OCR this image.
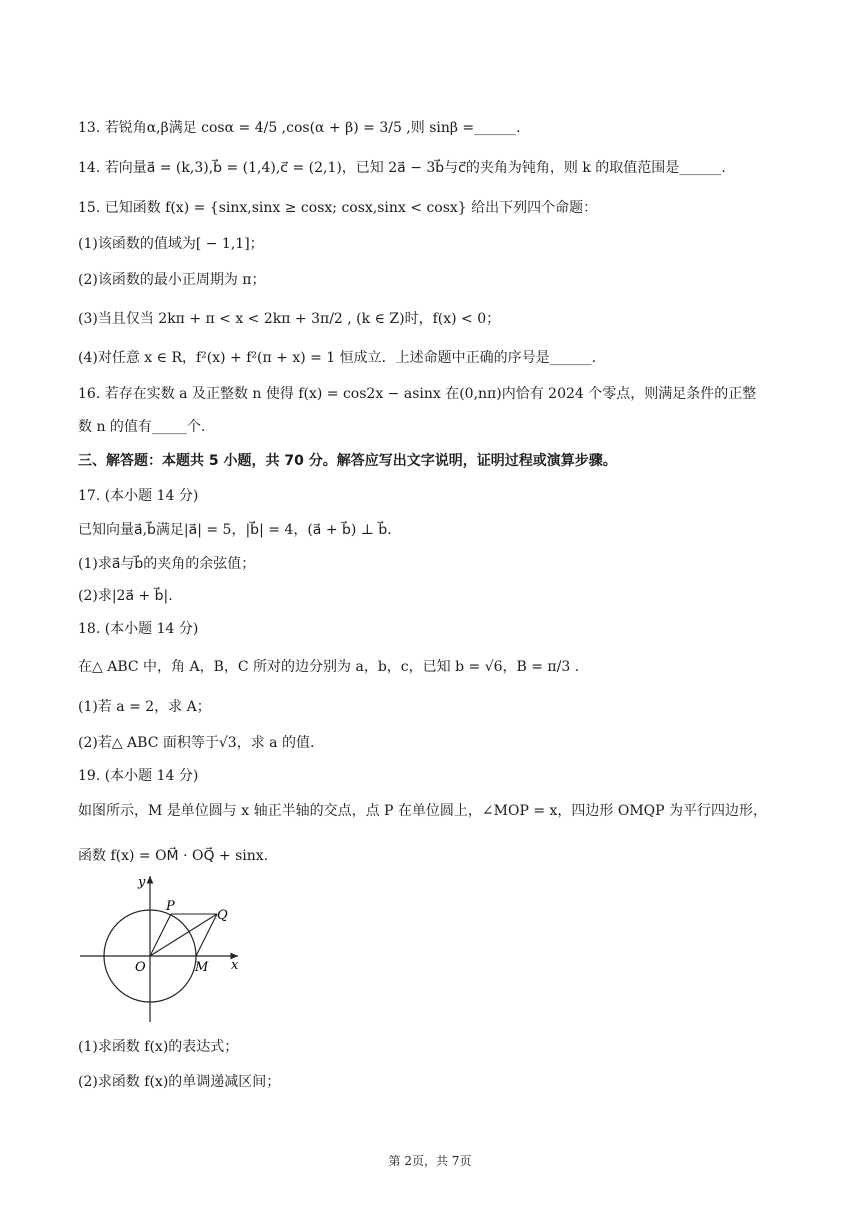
13. 若锐角α,β满足 cosα = 4/5 ,cos(α + β) = 3/5 ,则 sinβ =______.
14. 若向量a⃗ = (k,3),b⃗ = (1,4),c⃗ = (2,1)，已知 2a⃗ − 3b⃗与c⃗的夹角为钝角，则 k 的取值范围是______.
15. 已知函数 f(x) = {sinx,sinx ≥ cosx; cosx,sinx < cosx} 给出下列四个命题：
(1)该函数的值域为[ − 1,1]；
(2)该函数的最小正周期为 π；
(3)当且仅当 2kπ + π < x < 2kπ + 3π/2 , (k ∈ Z)时，f(x) < 0；
(4)对任意 x ∈ R，f²(x) + f²(π + x) = 1 恒成立．上述命题中正确的序号是______.
16. 若存在实数 a 及正整数 n 使得 f(x) = cos2x − asinx 在(0,nπ)内恰有 2024 个零点，则满足条件的正整
数 n 的值有_____个.
三、解答题：本题共 5 小题，共 70 分。解答应写出文字说明，证明过程或演算步骤。
17. (本小题 14 分)
已知向量a⃗,b⃗满足|a⃗| = 5，|b⃗| = 4，(a⃗ + b⃗) ⊥ b⃗.
(1)求a⃗与b⃗的夹角的余弦值；
(2)求|2a⃗ + b⃗|.
18. (本小题 14 分)
在△ ABC 中，角 A，B，C 所对的边分别为 a，b，c，已知 b = √6，B = π/3 .
(1)若 a = 2，求 A；
(2)若△ ABC 面积等于√3，求 a 的值.
19. (本小题 14 分)
如图所示，M 是单位圆与 x 轴正半轴的交点，点 P 在单位圆上，∠MOP = x，四边形 OMQP 为平行四边形，
函数 f(x) = OM⃗ · OQ⃗ + sinx.
y
x
O	M
P
Q
(1)求函数 f(x)的表达式；
(2)求函数 f(x)的单调递减区间；
第 2页，共 7页
